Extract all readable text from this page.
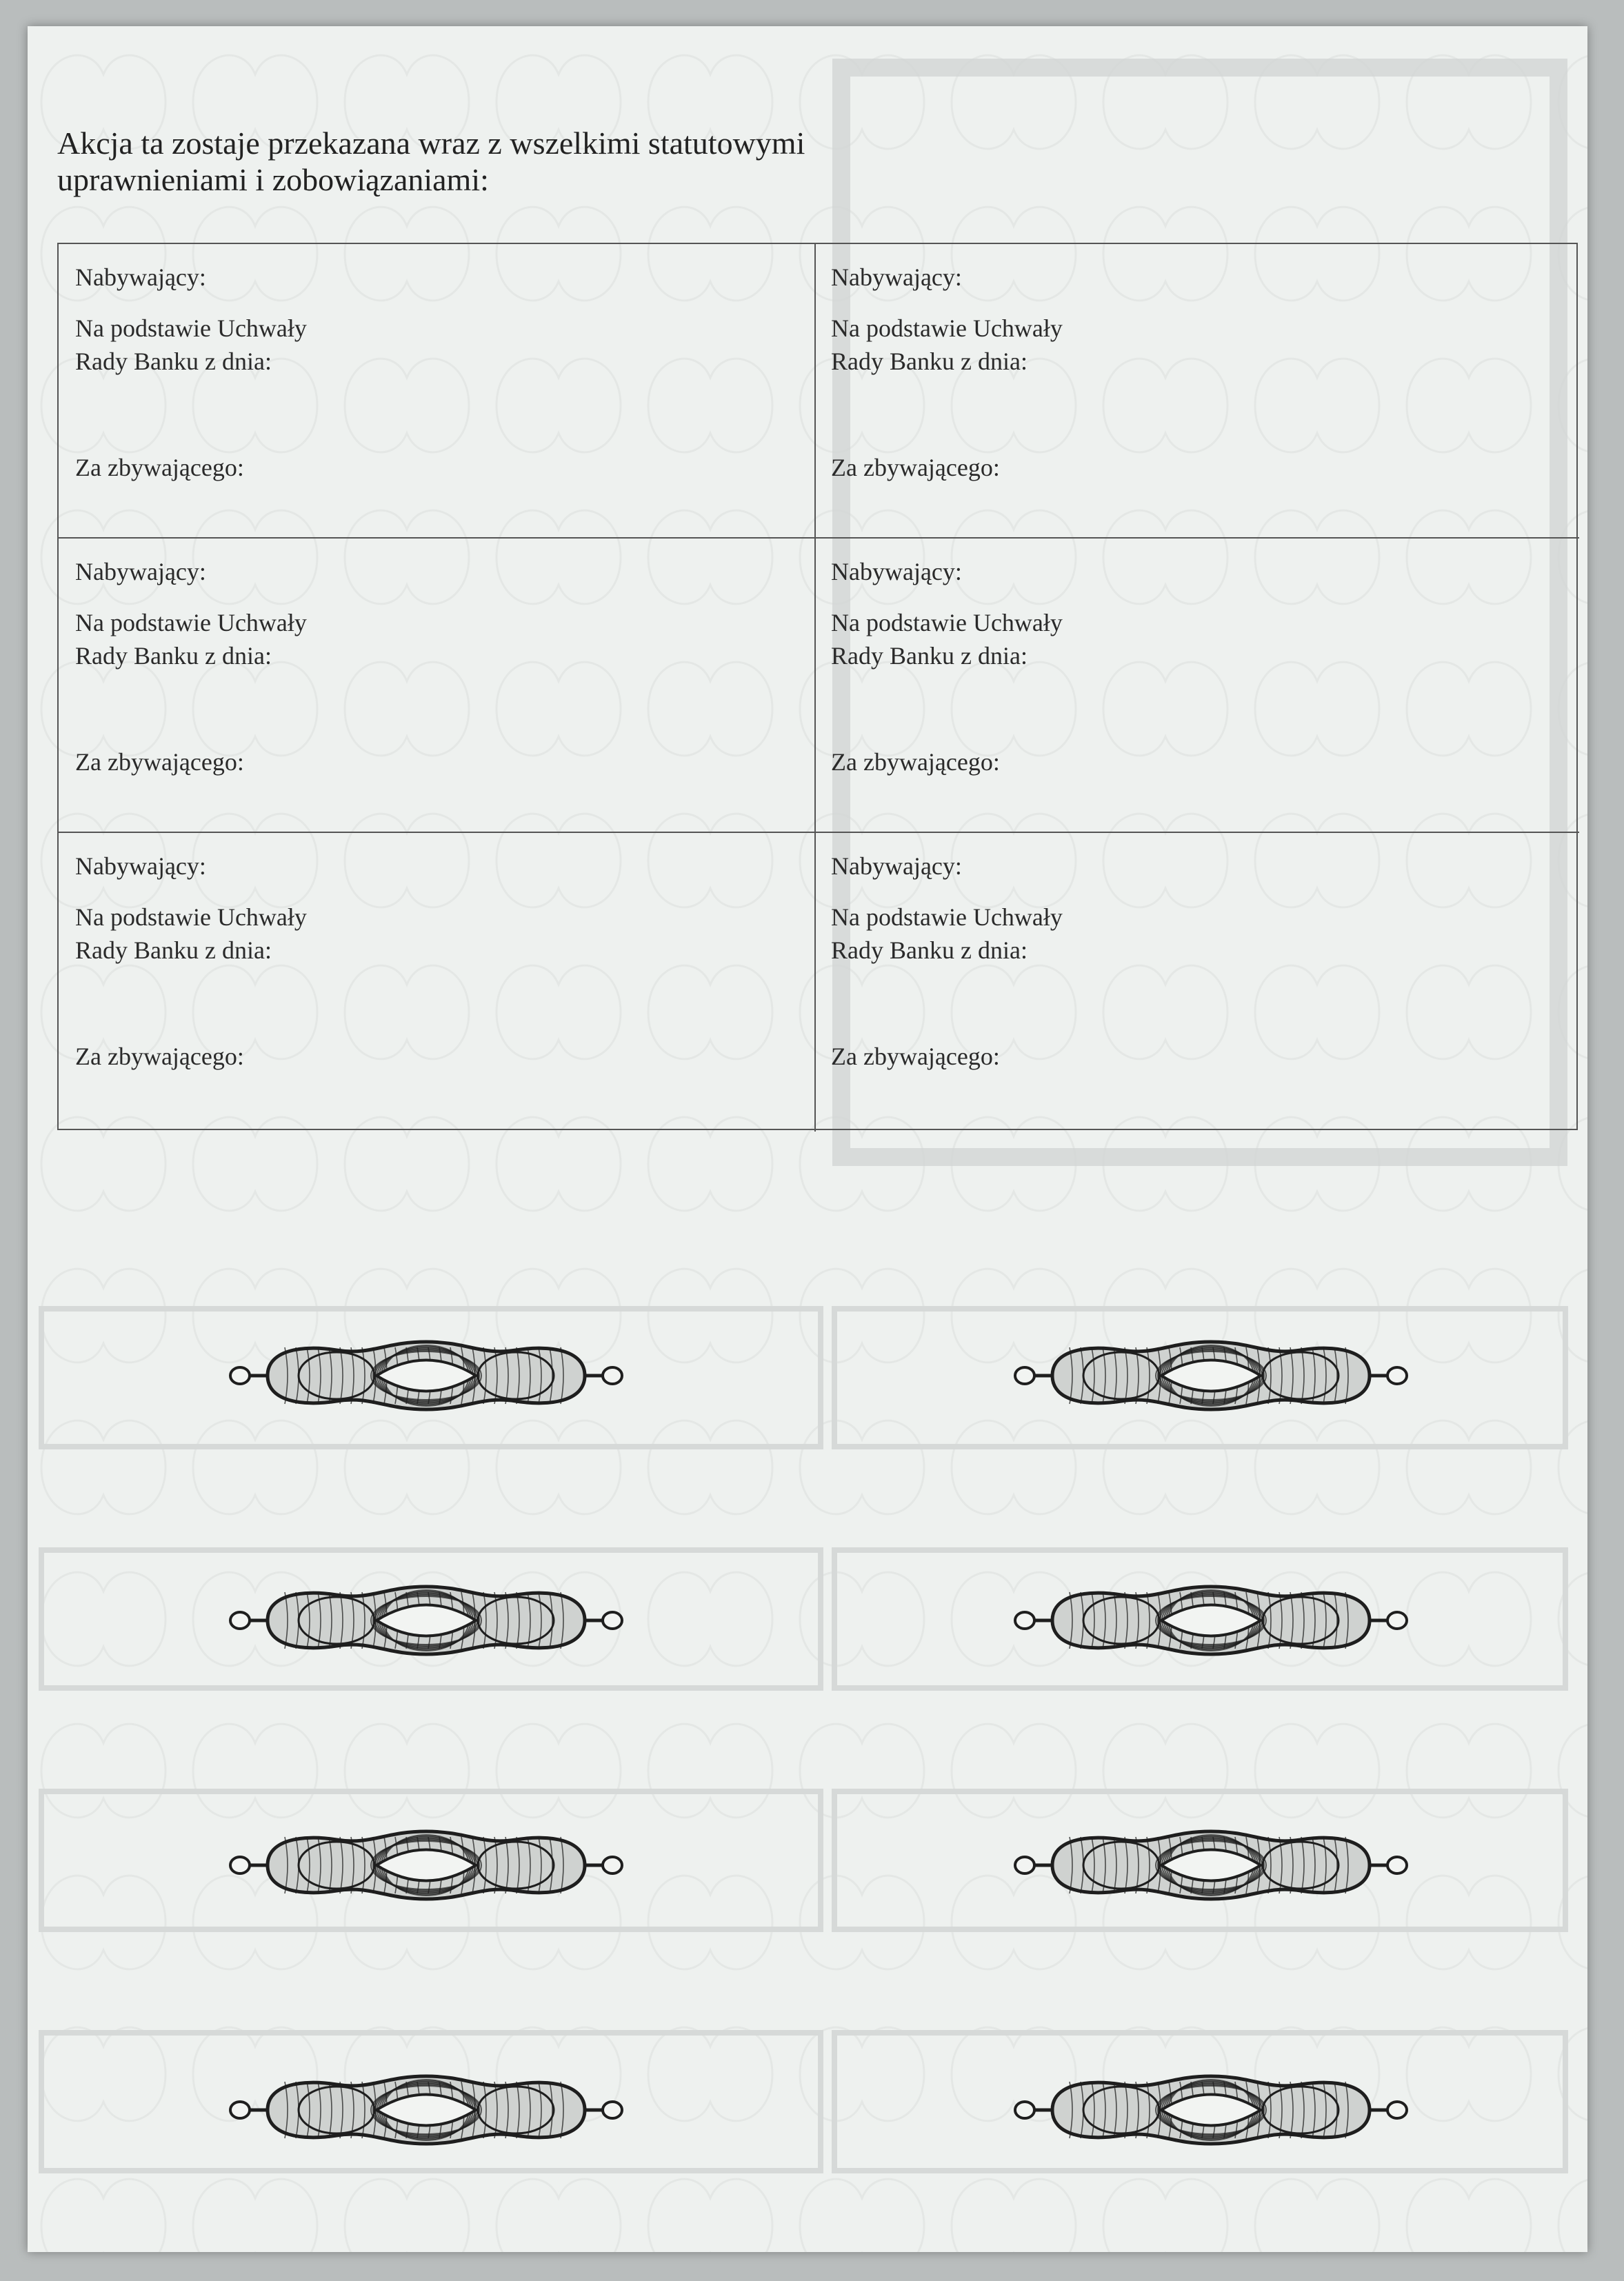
Akcja ta zostaje przekazana wraz z wszelkimi statutowymi
uprawnieniami i zobowiązaniami:
Nabywający:
Na podstawie Uchwały
Rady Banku z dnia:
Za zbywającego:
Nabywający:
Na podstawie Uchwały
Rady Banku z dnia:
Za zbywającego:
Nabywający:
Na podstawie Uchwały
Rady Banku z dnia:
Za zbywającego:
Nabywający:
Na podstawie Uchwały
Rady Banku z dnia:
Za zbywającego:
Nabywający:
Na podstawie Uchwały
Rady Banku z dnia:
Za zbywającego:
Nabywający:
Na podstawie Uchwały
Rady Banku z dnia:
Za zbywającego:
